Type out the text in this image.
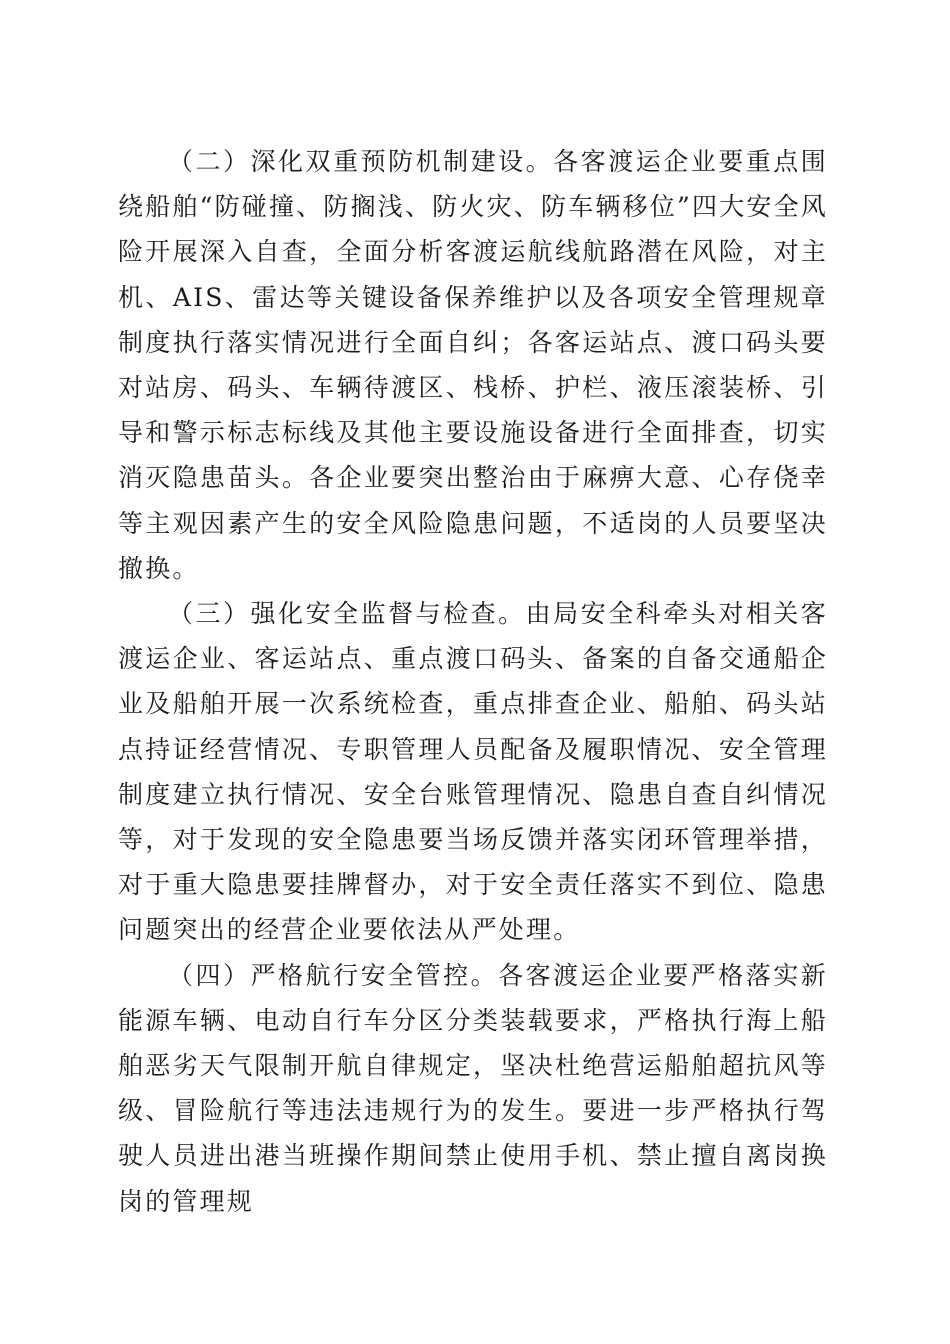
（二）深化双重预防机制建设。各客渡运企业要重点围绕船舶“防碰撞、防搁浅、防火灾、防车辆移位”四大安全风险开展深入自查，全面分析客渡运航线航路潜在风险，对主机、AIS、雷达等关键设备保养维护以及各项安全管理规章制度执行落实情况进行全面自纠；各客运站点、渡口码头要对站房、码头、车辆待渡区、栈桥、护栏、液压滚装桥、引导和警示标志标线及其他主要设施设备进行全面排查，切实消灭隐患苗头。各企业要突出整治由于麻痹大意、心存侥幸等主观因素产生的安全风险隐患问题，不适岗的人员要坚决撤换。

（三）强化安全监督与检查。由局安全科牵头对相关客渡运企业、客运站点、重点渡口码头、备案的自备交通船企业及船舶开展一次系统检查，重点排查企业、船舶、码头站点持证经营情况、专职管理人员配备及履职情况、安全管理制度建立执行情况、安全台账管理情况、隐患自查自纠情况等，对于发现的安全隐患要当场反馈并落实闭环管理举措，对于重大隐患要挂牌督办，对于安全责任落实不到位、隐患问题突出的经营企业要依法从严处理。

（四）严格航行安全管控。各客渡运企业要严格落实新能源车辆、电动自行车分区分类装载要求，严格执行海上船舶恶劣天气限制开航自律规定，坚决杜绝营运船舶超抗风等级、冒险航行等违法违规行为的发生。要进一步严格执行驾驶人员进出港当班操作期间禁止使用手机、禁止擅自离岗换岗的管理规
